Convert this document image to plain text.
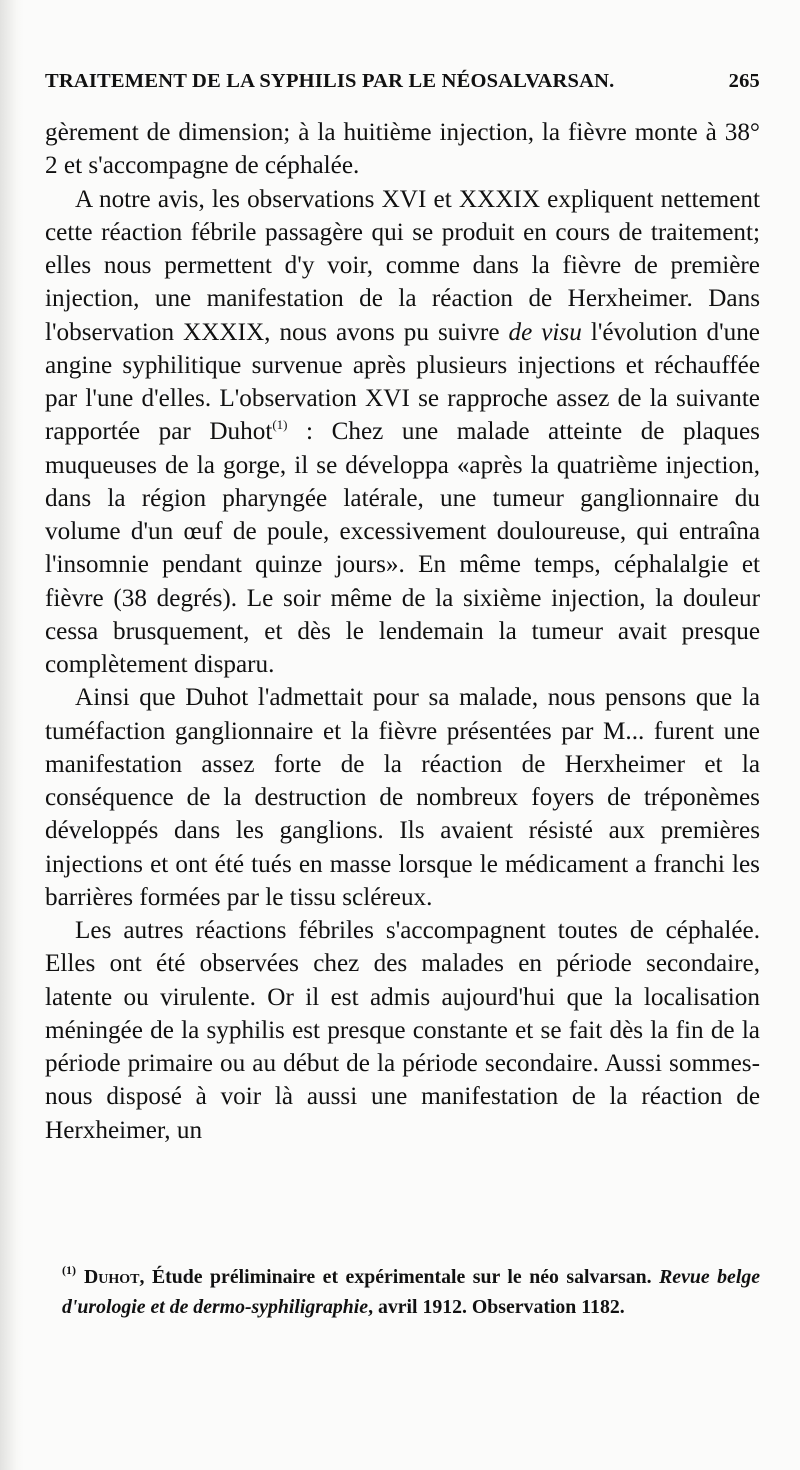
TRAITEMENT DE LA SYPHILIS PAR LE NÉOSALVARSAN.	265

gèrement de dimension; à la huitième injection, la fièvre monte à 38° 2 et s'accompagne de céphalée.

A notre avis, les observations XVI et XXXIX expliquent nettement cette réaction fébrile passagère qui se produit en cours de traitement; elles nous permettent d'y voir, comme dans la fièvre de première injection, une manifestation de la réaction de Herxheimer. Dans l'observation XXXIX, nous avons pu suivre de visu l'évolution d'une angine syphilitique survenue après plusieurs injections et réchauffée par l'une d'elles. L'observation XVI se rapproche assez de la suivante rapportée par Duhot$^{(1)}$ : Chez une malade atteinte de plaques muqueuses de la gorge, il se développa «après la quatrième injection, dans la région pharyngée latérale, une tumeur ganglionnaire du volume d'un œuf de poule, excessivement douloureuse, qui entraîna l'insomnie pendant quinze jours». En même temps, céphalalgie et fièvre (38 degrés). Le soir même de la sixième injection, la douleur cessa brusquement, et dès le lendemain la tumeur avait presque complètement disparu.

Ainsi que Duhot l'admettait pour sa malade, nous pensons que la tuméfaction ganglionnaire et la fièvre présentées par M... furent une manifestation assez forte de la réaction de Herxheimer et la conséquence de la destruction de nombreux foyers de tréponèmes développés dans les ganglions. Ils avaient résisté aux premières injections et ont été tués en masse lorsque le médicament a franchi les barrières formées par le tissu scléreux.

Les autres réactions fébriles s'accompagnent toutes de céphalée. Elles ont été observées chez des malades en période secondaire, latente ou virulente. Or il est admis aujourd'hui que la localisation méningée de la syphilis est presque constante et se fait dès la fin de la période primaire ou au début de la période secondaire. Aussi sommes-nous disposé à voir là aussi une manifestation de la réaction de Herxheimer, un

$^{(1)}$ Duhot, Étude préliminaire et expérimentale sur le néo salvarsan. Revue belge d'urologie et de dermo-syphiligraphie, avril 1912. Observation 1182.
